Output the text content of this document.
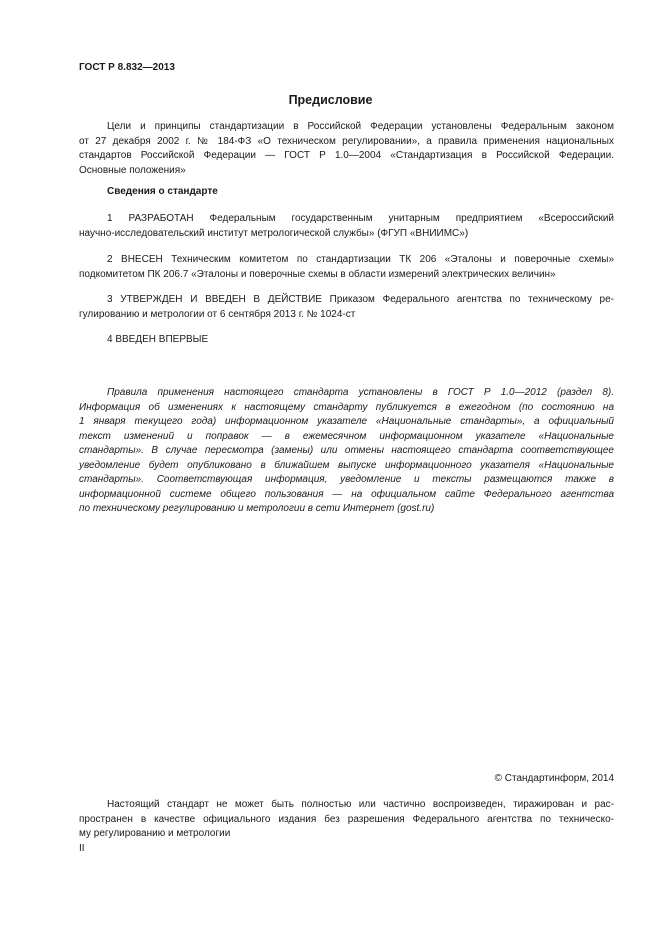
ГОСТ Р 8.832—2013
Предисловие
Цели и принципы стандартизации в Российской Федерации установлены Федеральным законом
от 27 декабря 2002 г. № 184-ФЗ «О техническом регулировании», а правила применения национальных
стандартов Российской Федерации — ГОСТ Р 1.0—2004 «Стандартизация в Российской Федерации.
Основные положения»
Сведения о стандарте
1 РАЗРАБОТАН Федеральным государственным унитарным предприятием «Всероссийский
научно-исследовательский институт метрологической службы» (ФГУП «ВНИИМС»)
2 ВНЕСЕН Техническим комитетом по стандартизации ТК 206 «Эталоны и поверочные схемы»
подкомитетом ПК 206.7 «Эталоны и поверочные схемы в области измерений электрических величин»
3 УТВЕРЖДЕН И ВВЕДЕН В ДЕЙСТВИЕ Приказом Федерального агентства по техническому ре-
гулированию и метрологии от 6 сентября 2013 г. № 1024-ст
4 ВВЕДЕН ВПЕРВЫЕ
Правила применения настоящего стандарта установлены в ГОСТ Р 1.0—2012 (раздел 8).
Информация об изменениях к настоящему стандарту публикуется в ежегодном (по состоянию на
1 января текущего года) информационном указателе «Национальные стандарты», а официальный
текст изменений и поправок — в ежемесячном информационном указателе «Национальные
стандарты». В случае пересмотра (замены) или отмены настоящего стандарта соответствующее
уведомление будет опубликовано в ближайшем выпуске информационного указателя «Национальные
стандарты». Соответствующая информация, уведомление и тексты размещаются также в
информационной системе общего пользования — на официальном сайте Федерального агентства
по техническому регулированию и метрологии в сети Интернет (gost.ru)
© Стандартинформ, 2014
Настоящий стандарт не может быть полностью или частично воспроизведен, тиражирован и рас-
пространен в качестве официального издания без разрешения Федерального агентства по техническо-
му регулированию и метрологии
II
